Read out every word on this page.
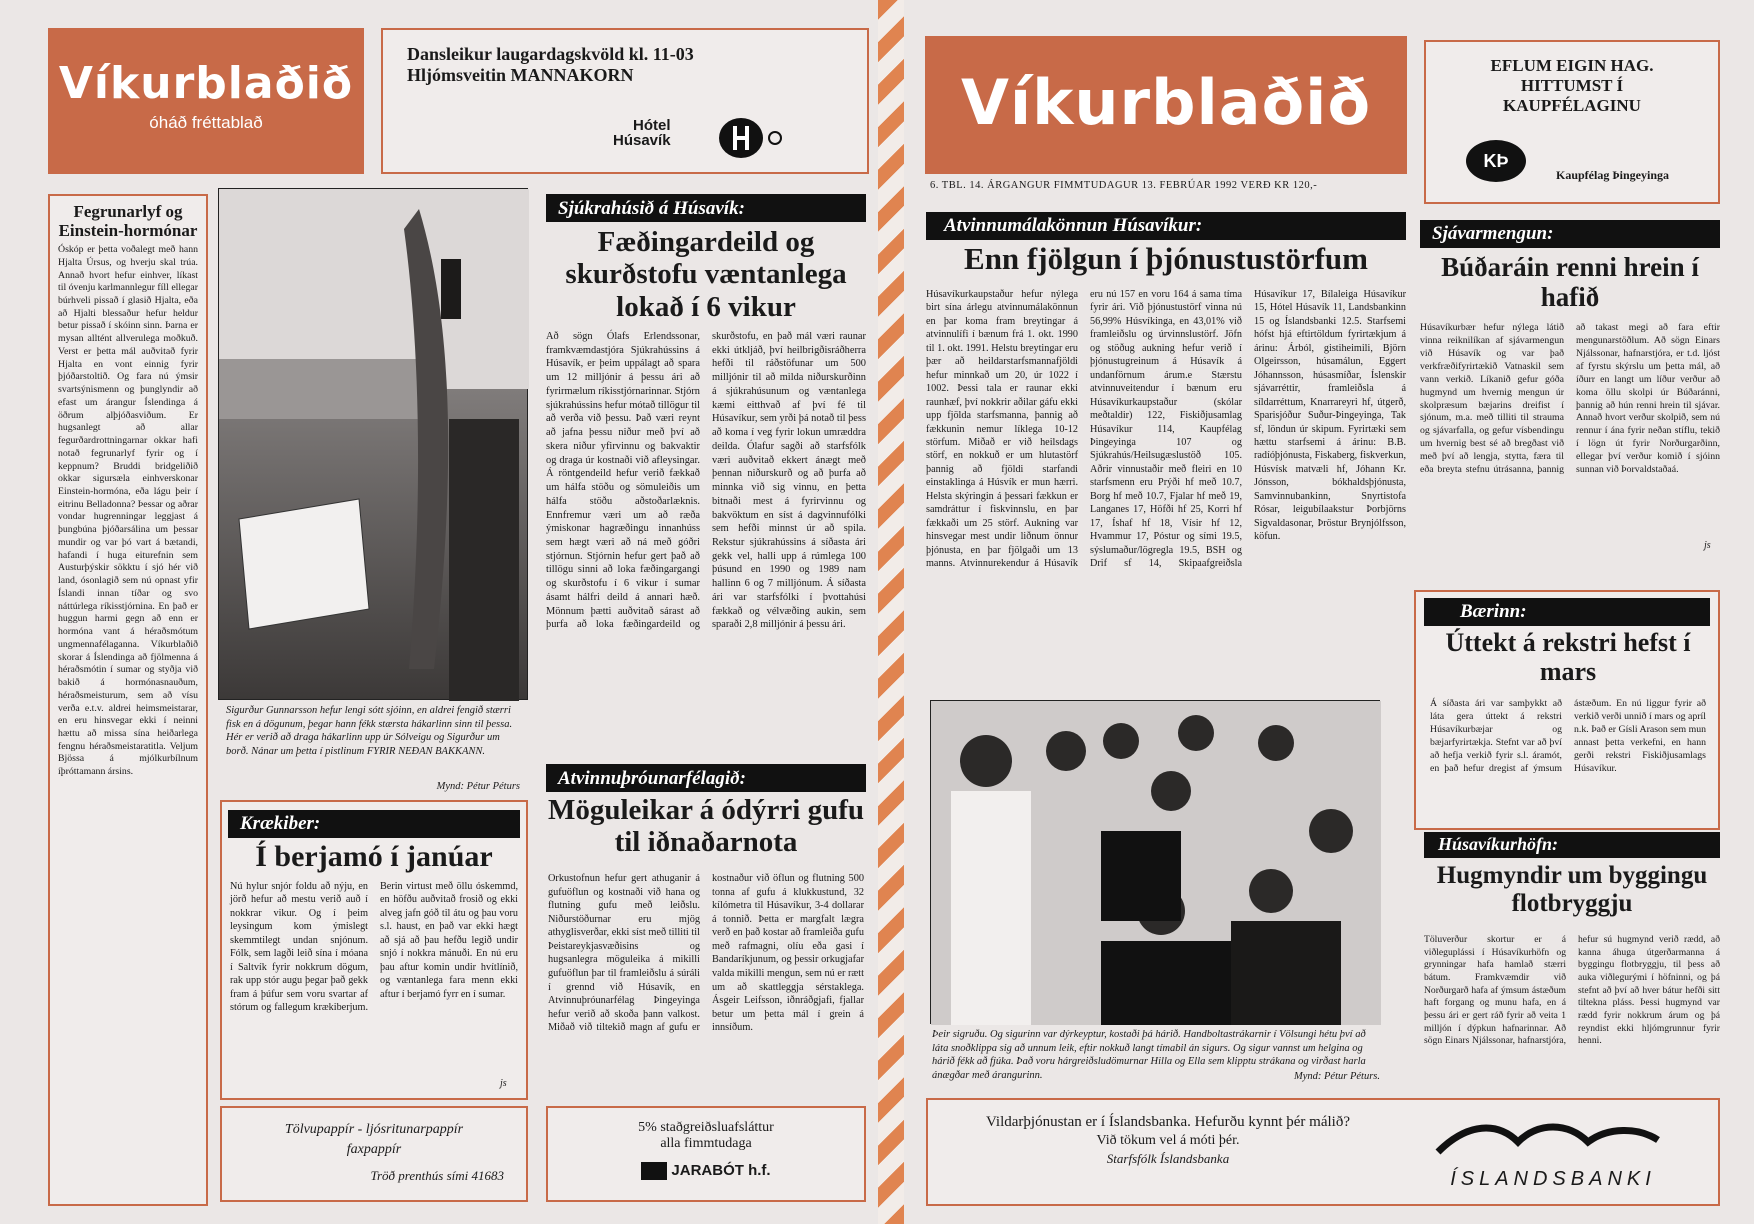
Víkurblaðið
óháð fréttablað
Dansleikur laugardagskvöld kl. 11-03
Hljómsveitin MANNAKORN
Hótel
Húsavík
Fegrunarlyf og Einstein-hormónar
Óskóp er þetta voðalegt með hann Hjalta Úrsus, og hverju skal trúa. Annað hvort hefur einhver, líkast til óvenju karlmannlegur fíll ellegar búrhveli pissað í glasið Hjalta, eða að Hjalti blessaður hefur heldur betur pissað í skóinn sinn. Þarna er mysan alltént allverulega moðkuð. Verst er þetta mál auðvitað fyrir Hjalta en vont einnig fyrir þjóðarstoltið. Og fara nú ýmsir svartsýnismenn og þunglyndir að efast um árangur Íslendinga á öðrum alþjóðasviðum. Er hugsanlegt að allar fegurðardrottningarnar okkar hafi notað fegrunarlyf fyrir og í keppnum? Bruddi bridgeliðið okkar sigursæla einhverskonar Einstein-hormóna, eða lágu þeir í eitrinu Belladonna? Þessar og aðrar vondar hugrenningar leggjast á þungbúna þjóðarsálina um þessar mundir og var þó vart á bætandi, hafandi í huga eiturefnin sem Austurþýskir sökktu í sjó hér við land, ósonlagið sem nú opnast yfir Íslandi innan tíðar og svo náttúrlega ríkisstjórnina. En það er huggun harmi gegn að enn er hormóna vant á héraðsmótum ungmennafélaganna. Víkurblaðið skorar á Íslendinga að fjölmenna á héraðsmótin í sumar og styðja við bakið á hormónasnauðum, héraðsmeisturum, sem að vísu verða e.t.v. aldrei heimsmeistarar, en eru hinsvegar ekki í neinni hættu að missa sína heiðarlega fengnu héraðsmeistaratitla. Veljum Bjössa á mjólkurbílnum íþróttamann ársins.
Sigurður Gunnarsson hefur lengi sótt sjóinn, en aldrei fengið stærri fisk en á dögunum, þegar hann fékk stærsta hákarlinn sinn til þessa. Hér er verið að draga hákarlinn upp úr Sólveigu og Sigurður um borð. Nánar um þetta í pistlinum FYRIR NEÐAN BAKKANN.
Mynd: Pétur Péturs
Sjúkrahúsið á Húsavík:
Fæðingardeild og skurðstofu væntanlega lokað í 6 vikur
Að sögn Ólafs Erlendssonar, framkvæmdastjóra Sjúkrahússins á Húsavík, er þeim uppálagt að spara um 12 milljónir á þessu ári að fyrirmælum ríkisstjórnarinnar. Stjórn sjúkrahússins hefur mótað tillögur til að verða við þessu. Það væri reynt að jafna þessu niður með því að skera niður yfirvinnu og bakvaktir og draga úr kostnaði við afleysingar. Á röntgendeild hefur verið fækkað um hálfa stöðu og sömuleiðis um hálfa stöðu aðstoðarlæknis. Ennfremur væri um að ræða ýmiskonar hagræðingu innanhúss sem hægt væri að ná með góðri stjórnun. Stjórnin hefur gert það að tillögu sinni að loka fæðingargangi og skurðstofu í 6 vikur í sumar ásamt hálfri deild á annari hæð. Mönnum þætti auðvitað sárast að þurfa að loka fæðingardeild og skurðstofu, en það mál væri raunar ekki útkljáð, því heilbrigðisráðherra hefði til ráðstöfunar um 500 milljónir til að milda niðurskurðinn á sjúkrahúsunum og væntanlega kæmi eitthvað af því fé til Húsavíkur, sem yrði þá notað til þess að koma í veg fyrir lokun umræddra deilda. Ólafur sagði að starfsfólk væri auðvitað ekkert ánægt með þennan niðurskurð og að þurfa að minnka við sig vinnu, en þetta bitnaði mest á fyrirvinnu og bakvöktum en síst á dagvinnufólki sem hefði minnst úr að spila. Rekstur sjúkrahússins á síðasta ári gekk vel, halli upp á rúmlega 100 þúsund en 1990 og 1989 nam hallinn 6 og 7 milljónum. Á síðasta ári var starfsfólki í þvottahúsi fækkað og vélvæðing aukin, sem sparaði 2,8 milljónir á þessu ári.
Krækiber:
Í berjamó í janúar
Nú hylur snjór foldu að nýju, en jörð hefur að mestu verið auð í nokkrar vikur. Og í þeim leysingum kom ýmislegt skemmtilegt undan snjónum. Fólk, sem lagði leið sína í móana í Saltvík fyrir nokkrum dögum, rak upp stór augu þegar það gekk fram á þúfur sem voru svartar af stórum og fallegum krækiberjum. Berin virtust með öllu óskemmd, en höfðu auðvitað frosið og ekki alveg jafn góð til átu og þau voru s.l. haust, en það var ekki hægt að sjá að þau hefðu legið undir snjó í nokkra mánuði. En nú eru þau aftur komin undir hvítlínið, og væntanlega fara menn ekki aftur í berjamó fyrr en í sumar.
js
Atvinnuþróunarfélagið:
Möguleikar á ódýrri gufu til iðnaðarnota
Orkustofnun hefur gert athuganir á gufuöflun og kostnaði við hana og flutning gufu með leiðslu. Niðurstöðurnar eru mjög athyglisverðar, ekki síst með tilliti til Þeistareykjasvæðisins og hugsanlegra möguleika á mikilli gufuöflun þar til framleiðslu á súráli í grennd við Húsavík, en Atvinnuþróunarfélag Þingeyinga hefur verið að skoða þann valkost. Miðað við tiltekið magn af gufu er kostnaður við öflun og flutning 500 tonna af gufu á klukkustund, 32 kílómetra til Húsavíkur, 3-4 dollarar á tonnið. Þetta er margfalt lægra verð en það kostar að framleiða gufu með rafmagni, olíu eða gasi í Bandaríkjunum, og þessir orkugjafar valda mikilli mengun, sem nú er rætt um að skattleggja sérstaklega. Ásgeir Leifsson, iðnráðgjafi, fjallar betur um þetta mál í grein á innsíðum.
Tölvupappír - ljósritunarpappír
faxpappír
Tröð prenthús sími 41683
5% staðgreiðsluafsláttur
alla fimmtudaga
JARABÓT h.f.
Víkurblaðið
6. TBL. 14. ÁRGANGUR FIMMTUDAGUR 13. FEBRÚAR 1992 VERÐ KR 120,-
EFLUM EIGIN HAG.
HITTUMST Í
KAUPFÉLAGINU
KÞ
Kaupfélag Þingeyinga
Atvinnumálakönnun Húsavíkur:
Enn fjölgun í þjónustustörfum
Húsavíkurkaupstaður hefur nýlega birt sína árlegu atvinnumálakönnun en þar koma fram breytingar á atvinnulífi í bænum frá 1. okt. 1990 til 1. okt. 1991. Helstu breytingar eru þær að heildarstarfsmannafjöldi hefur minnkað um 20, úr 1022 í 1002. Þessi tala er raunar ekki raunhæf, því nokkrir aðilar gáfu ekki upp fjölda starfsmanna, þannig að fækkunin nemur líklega 10-12 störfum. Miðað er við heilsdags störf, en nokkuð er um hlutastörf þannig að fjöldi starfandi einstaklinga á Húsvík er mun hærri. Helsta skýringin á þessari fækkun er samdráttur í fiskvinnslu, en þar fækkaði um 25 störf. Aukning var hinsvegar mest undir liðnum önnur þjónusta, en þar fjölgaði um 13 manns. Atvinnurekendur á Húsavík eru nú 157 en voru 164 á sama tíma fyrir ári. Við þjónustustörf vinna nú 56,99% Húsvíkinga, en 43,01% við framleiðslu og úrvinnslustörf. Jöfn og stöðug aukning hefur verið í þjónustugreinum á Húsavík á undanförnum árum.e Stærstu atvinnuveitendur í bænum eru Húsavíkurkaupstaður (skólar meðtaldir) 122, Fiskiðjusamlag Húsavíkur 114, Kaupfélag Þingeyinga 107 og Sjúkrahús/Heilsugæslustöð 105. Aðrir vinnustaðir með fleiri en 10 starfsmenn eru Prýði hf með 10.7, Borg hf með 10.7, Fjalar hf með 19, Langanes 17, Höfði hf 25, Korri hf 17, Íshaf hf 18, Vísir hf 12, Hvammur 17, Póstur og sími 19.5, sýslumaður/lögregla 19.5, BSH og Drif sf 14, Skipaafgreiðsla Húsavíkur 17, Bílaleiga Húsavíkur 15, Hótel Húsavík 11, Landsbankinn 15 og Íslandsbanki 12.5. Starfsemi hófst hjá eftirtöldum fyrirtækjum á árinu: Árból, gistiheimili, Björn Olgeirsson, húsamálun, Eggert Jóhannsson, húsasmíðar, Íslenskir sjávarréttir, framleiðsla á síldarréttum, Knarrareyri hf, útgerð, Sparisjóður Suður-Þingeyinga, Tak sf, löndun úr skipum. Fyrirtæki sem hættu starfsemi á árinu: B.B. radíóþjónusta, Fiskaberg, fiskverkun, Húsvísk matvæli hf, Jóhann Kr. Jónsson, bókhaldsþjónusta, Samvinnubankinn, Snyrtistofa Rósar, leigubílaakstur Þorbjörns Sigvaldasonar, Þröstur Brynjólfsson, köfun.
Þeir sigruðu. Og sigurinn var dýrkeyptur, kostaði þá hárið. Handboltastrákarnir í Völsungi hétu því að láta snoðklippa sig að unnum leik, eftir nokkuð langt tímabil án sigurs. Og sigur vannst um helgina og hárið fékk að fjúka. Það voru hárgreiðsludömurnar Hilla og Ella sem klipptu strákana og virðast harla ánægðar með árangurinn.	Mynd: Pétur Péturs.
Sjávarmengun:
Búðaráin renni hrein í hafið
Húsavíkurbær hefur nýlega látið vinna reiknilíkan af sjávarmengun við Húsavík og var það verkfræðifyrirtækið Vatnaskil sem vann verkið. Líkanið gefur góða hugmynd um hvernig mengun úr skolpræsum bæjarins dreifist í sjónum, m.a. með tilliti til strauma og sjávarfalla, og gefur vísbendingu um hvernig best sé að bregðast við með því að lengja, stytta, færa til eða breyta stefnu útrásanna, þannig að takast megi að fara eftir mengunarstöðlum. Að sögn Einars Njálssonar, hafnarstjóra, er t.d. ljóst af fyrstu skýrslu um þetta mál, að íðurr en langt um líður verður að koma öllu skolpi úr Búðaránni, þannig að hún renni hrein til sjávar. Annað hvort verður skolpið, sem nú rennur í ána fyrir neðan stíflu, tekið í lögn út fyrir Norðurgarðinn, ellegar því verður komið í sjóinn sunnan við Þorvaldstaðaá.
js
Bærinn:
Úttekt á rekstri hefst í mars
Á síðasta ári var samþykkt að láta gera úttekt á rekstri Húsavíkurbæjar og bæjarfyrirtækja. Stefnt var að því að hefja verkið fyrir s.l. áramót, en það hefur dregist af ýmsum ástæðum. En nú liggur fyrir að verkið verði unnið í mars og apríl n.k. Það er Gísli Arason sem mun annast þetta verkefni, en hann gerði rekstri Fiskiðjusamlags Húsavíkur.
Húsavíkurhöfn:
Hugmyndir um byggingu flotbryggju
Töluverður skortur er á viðleguplássi í Húsavíkurhöfn og grynningar hafa hamlað stærri bátum. Framkvæmdir við Norðurgarð hafa af ýmsum ástæðum haft forgang og munu hafa, en á þessu ári er gert ráð fyrir að veita 1 milljón í dýpkun hafnarinnar. Að sögn Einars Njálssonar, hafnarstjóra, hefur sú hugmynd verið rædd, að kanna áhuga útgerðarmanna á byggingu flotbryggju, til þess að auka viðlegurými í höfninni, og þá stefnt að því að hver bátur hefði sitt tiltekna pláss. Þessi hugmynd var rædd fyrir nokkrum árum og þá reyndist ekki hljómgrunnur fyrir henni.
Vildarþjónustan er í Íslandsbanka. Hefurðu kynnt þér málið?
Við tökum vel á móti þér.
Starfsfólk Íslandsbanka
ÍSLANDSBANKI
